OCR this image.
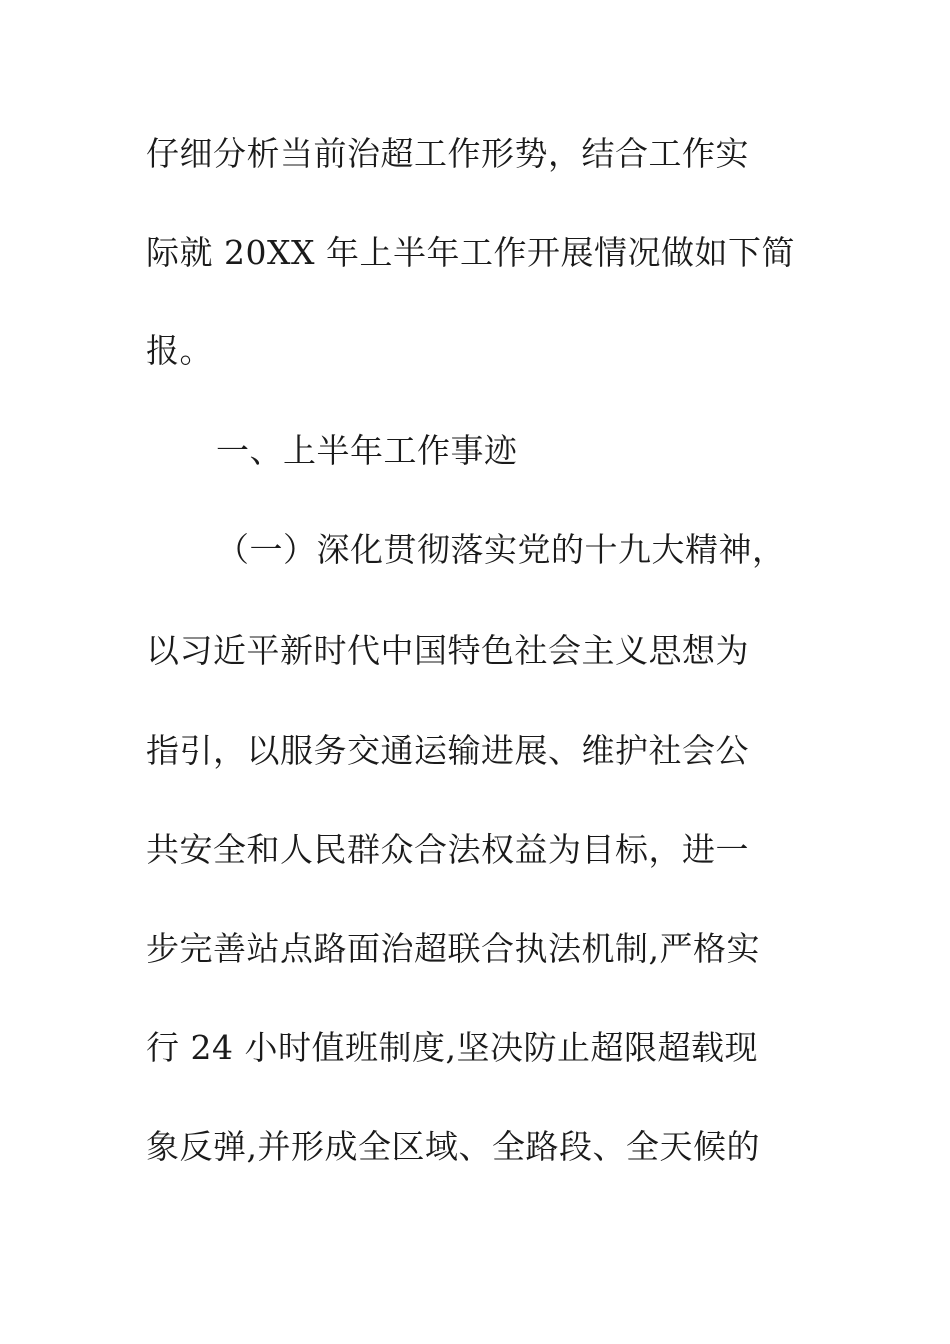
仔细分析当前治超工作形势，结合工作实
际就 20XX 年上半年工作开展情况做如下简
报。
一、上半年工作事迹
（一）深化贯彻落实党的十九大精神，
以习近平新时代中国特色社会主义思想为
指引，以服务交通运输进展、维护社会公
共安全和人民群众合法权益为目标，进一
步完善站点路面治超联合执法机制,严格实
行 24 小时值班制度,坚决防止超限超载现
象反弹,并形成全区域、全路段、全天候的
